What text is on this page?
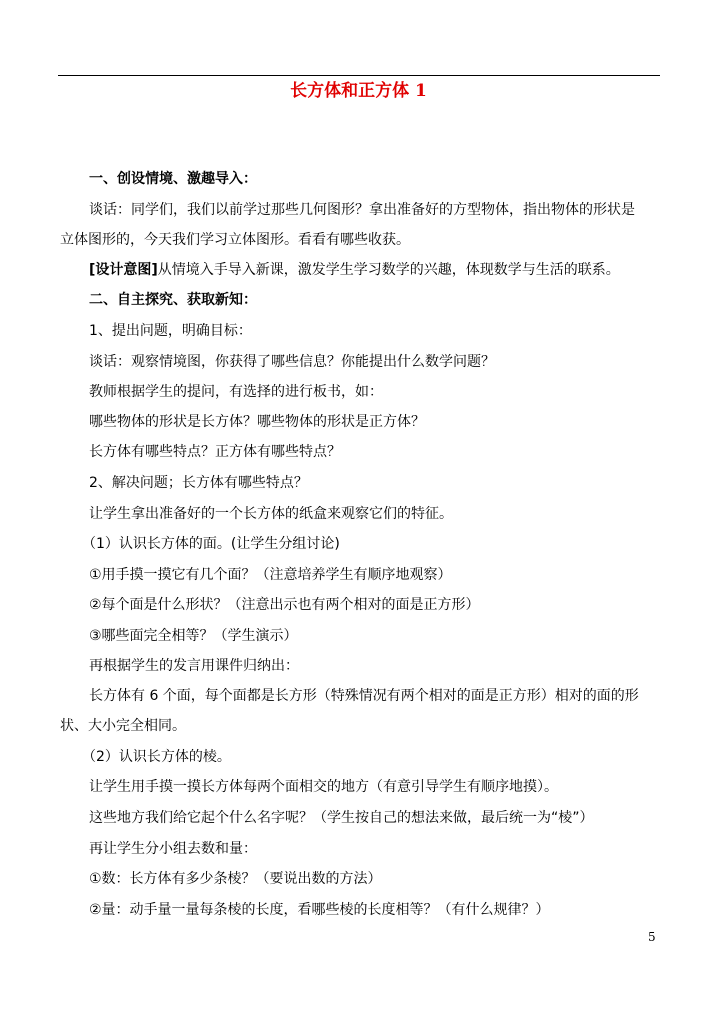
长方体和正方体 1
一、创设情境、激趣导入：
谈话：同学们，我们以前学过那些几何图形？拿出准备好的方型物体，指出物体的形状是
立体图形的，今天我们学习立体图形。看看有哪些收获。
[设计意图]从情境入手导入新课，激发学生学习数学的兴趣，体现数学与生活的联系。
二、自主探究、获取新知：
1、提出问题，明确目标：
谈话：观察情境图，你获得了哪些信息？你能提出什么数学问题？
教师根据学生的提问，有选择的进行板书，如：
哪些物体的形状是长方体？哪些物体的形状是正方体？
长方体有哪些特点？正方体有哪些特点？
2、解决问题；长方体有哪些特点？
让学生拿出准备好的一个长方体的纸盒来观察它们的特征。
（1）认识长方体的面。(让学生分组讨论)
①用手摸一摸它有几个面？（注意培养学生有顺序地观察）
②每个面是什么形状？（注意出示也有两个相对的面是正方形）
③哪些面完全相等？（学生演示）
再根据学生的发言用课件归纳出：
长方体有 6 个面，每个面都是长方形（特殊情况有两个相对的面是正方形）相对的面的形
状、大小完全相同。
（2）认识长方体的棱。
让学生用手摸一摸长方体每两个面相交的地方（有意引导学生有顺序地摸）。
这些地方我们给它起个什么名字呢？（学生按自己的想法来做，最后统一为“棱”）
再让学生分小组去数和量：
①数：长方体有多少条棱？（要说出数的方法）
②量：动手量一量每条棱的长度，看哪些棱的长度相等？（有什么规律？）
5
